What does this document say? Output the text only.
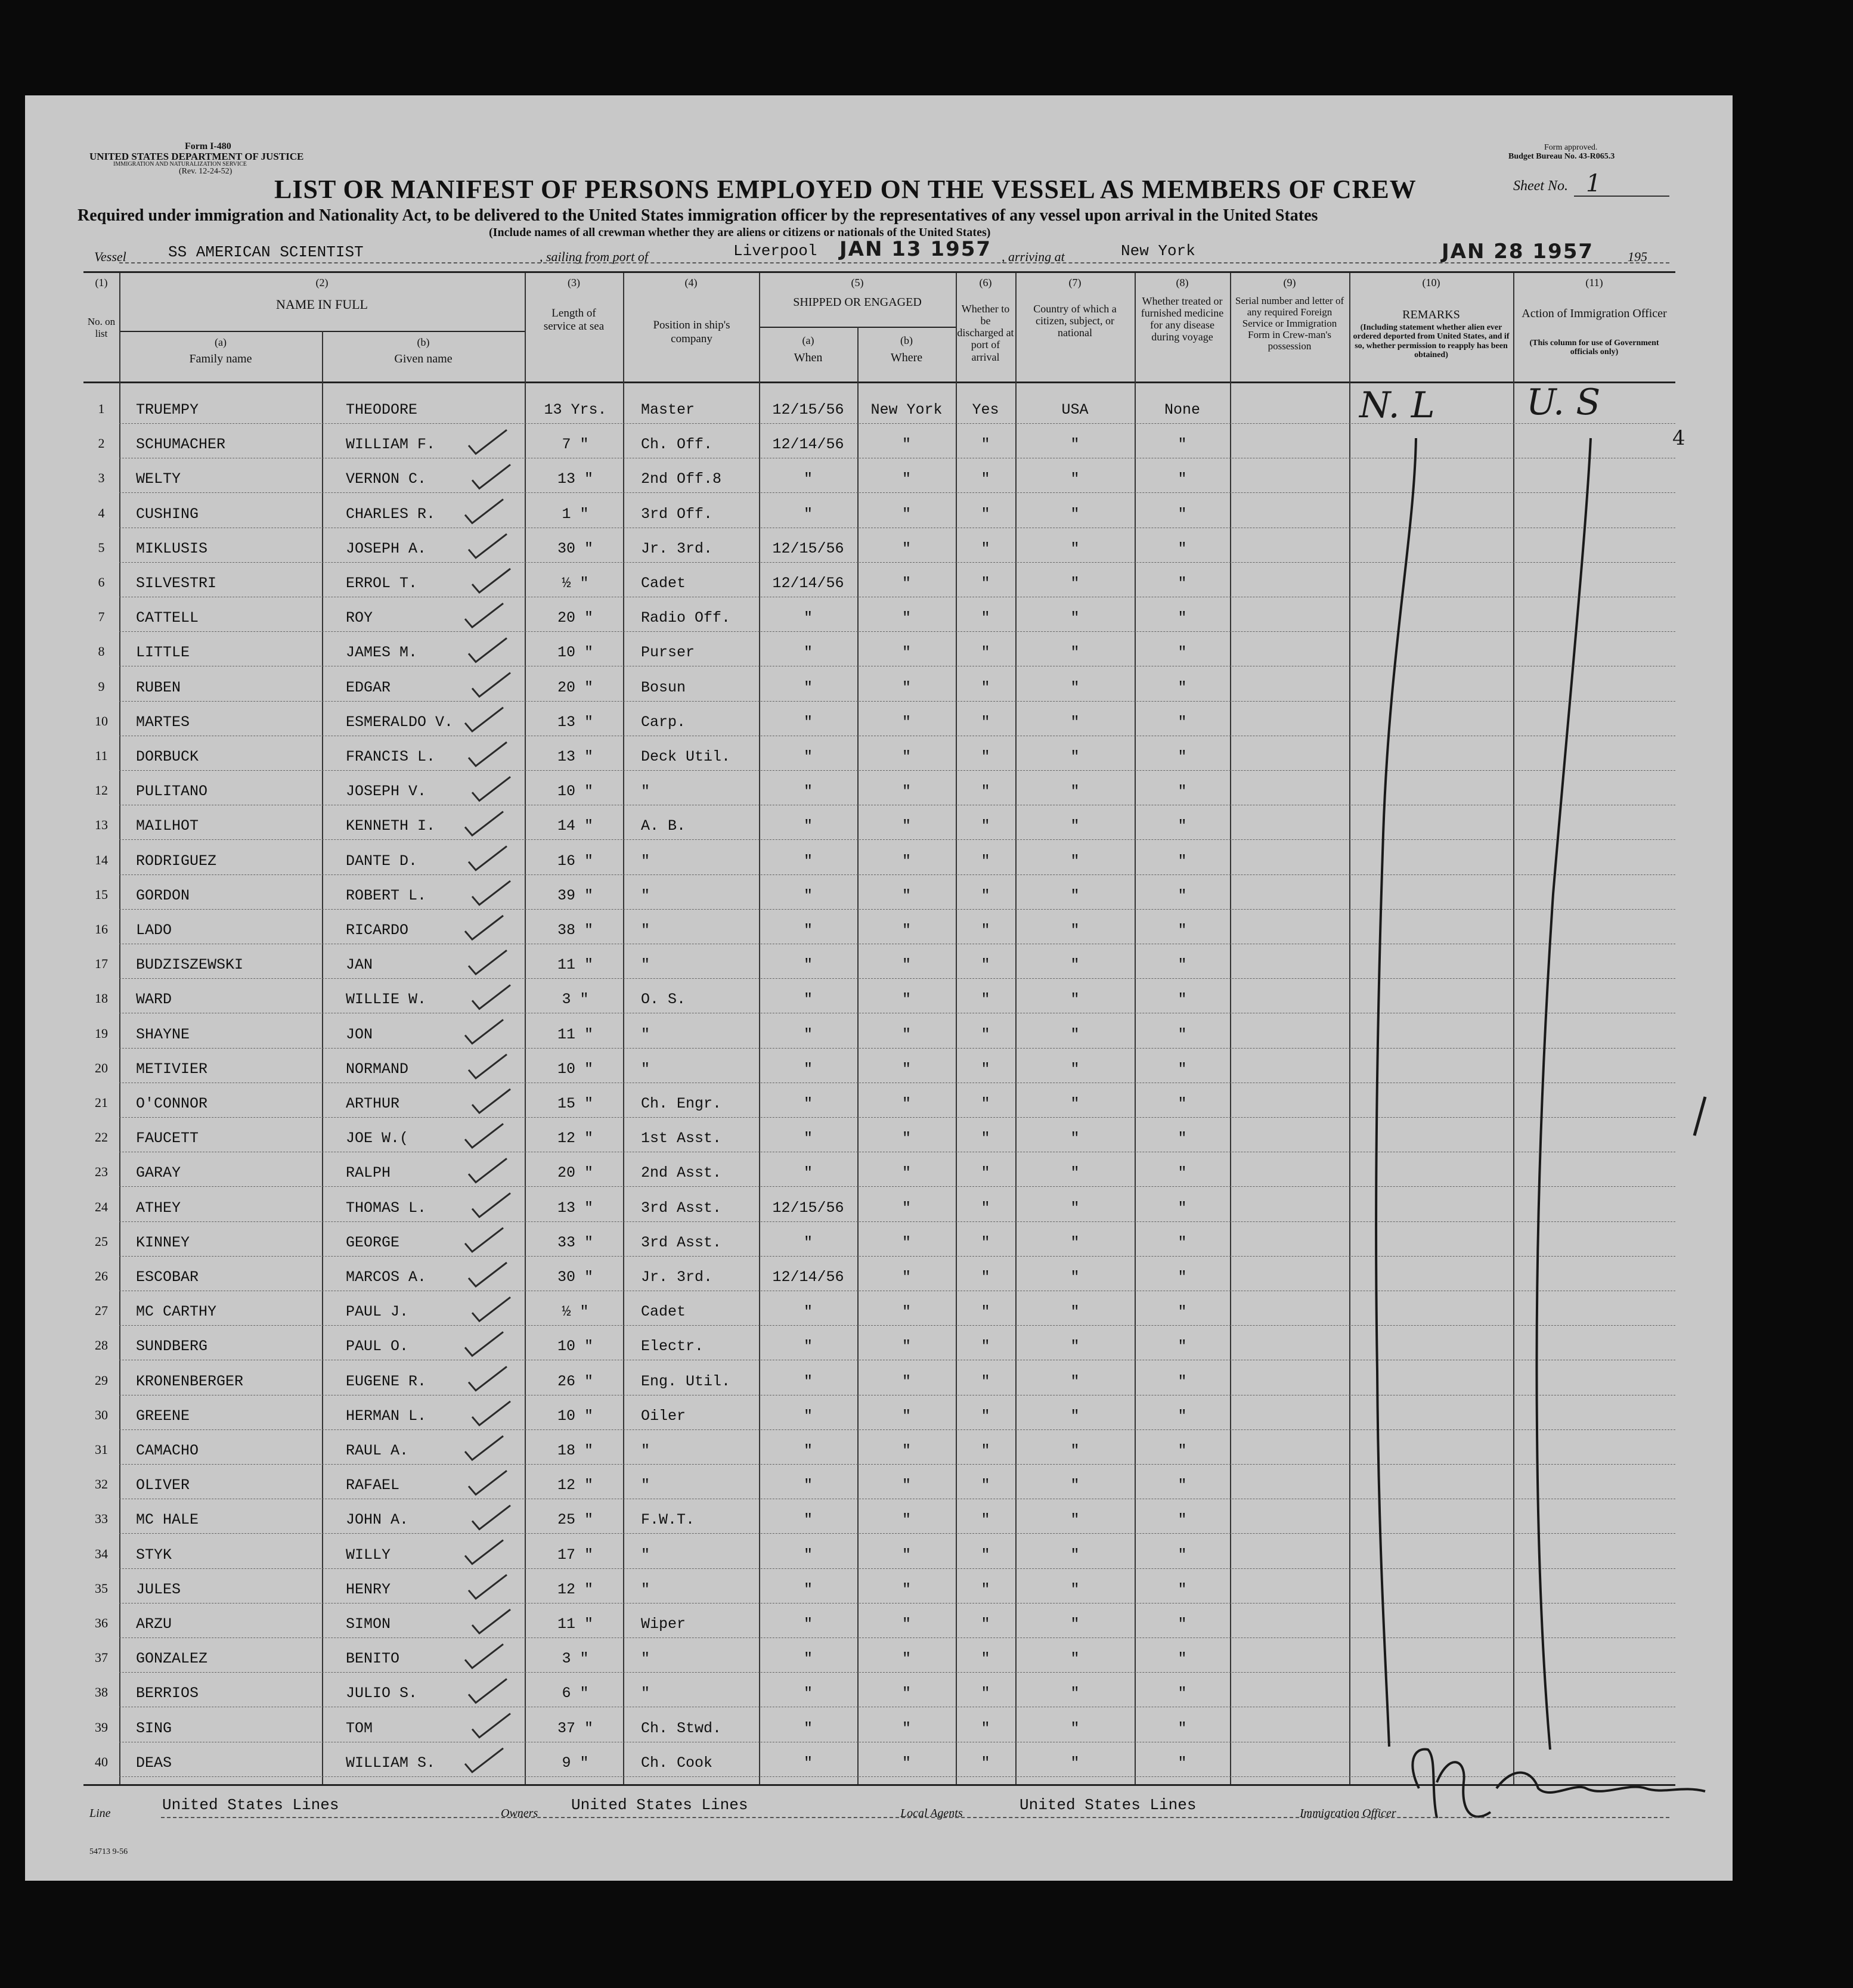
Form I-480
UNITED STATES DEPARTMENT OF JUSTICE
IMMIGRATION AND NATURALIZATION SERVICE
(Rev. 12-24-52)
Form approved.
Budget Bureau No. 43-R065.3
Sheet No. 1
LIST OR MANIFEST OF PERSONS EMPLOYED ON THE VESSEL AS MEMBERS OF CREW
Required under immigration and Nationality Act, to be delivered to the United States immigration officer by the representatives of any vessel upon arrival in the United States
(Include names of all crewman whether they are aliens or citizens or nationals of the United States)
Vessel	SS AMERICAN SCIENTIST	, sailing from port of	Liverpool JAN 13 1957 , arriving at	New York	JAN 28 1957	195
(1)
No. on list
(2)
NAME IN FULL
(a)
Family name
(b)
Given name
(3)
Length of service at sea
(4)
Position in ship's company
(5)
SHIPPED OR ENGAGED
(a)
When
(b)
Where
(6)
Whether to be discharged at port of arrival
(7)
Country of which a citizen, subject, or national
(8)
Whether treated or furnished medicine for any disease during voyage
(9)
Serial number and letter of any required Foreign Service or Immigration Form in Crew-man's possession
(10)
REMARKS
(Including statement whether alien ever ordered deported from United States, and if so, whether permission to reapply has been obtained)
(11)
Action of Immigration Officer
(This column for use of Government officials only)
1	TRUEMPY	THEODORE	13 Yrs.	Master	12/15/56	New York	Yes	USA	None
2	SCHUMACHER	WILLIAM F.	7 "	Ch. Off.	12/14/56	"	"	"	"
3	WELTY	VERNON C.	13 "	2nd Off.8	"	"	"	"	"
4	CUSHING	CHARLES R.	1 "	3rd Off.	"	"	"	"	"
5	MIKLUSIS	JOSEPH A.	30 "	Jr. 3rd.	12/15/56	"	"	"	"
6	SILVESTRI	ERROL T.	½ "	Cadet	12/14/56	"	"	"	"
7	CATTELL	ROY	20 "	Radio Off.	"	"	"	"	"
8	LITTLE	JAMES M.	10 "	Purser	"	"	"	"	"
9	RUBEN	EDGAR	20 "	Bosun	"	"	"	"	"
10	MARTES	ESMERALDO V.	13 "	Carp.	"	"	"	"	"
11	DORBUCK	FRANCIS L.	13 "	Deck Util.	"	"	"	"	"
12	PULITANO	JOSEPH V.	10 "	"	"	"	"	"	"
13	MAILHOT	KENNETH I.	14 "	A. B.	"	"	"	"	"
14	RODRIGUEZ	DANTE D.	16 "	"	"	"	"	"	"
15	GORDON	ROBERT L.	39 "	"	"	"	"	"	"
16	LADO	RICARDO	38 "	"	"	"	"	"	"
17	BUDZISZEWSKI	JAN	11 "	"	"	"	"	"	"
18	WARD	WILLIE W.	3 "	O. S.	"	"	"	"	"
19	SHAYNE	JON	11 "	"	"	"	"	"	"
20	METIVIER	NORMAND	10 "	"	"	"	"	"	"
21	O'CONNOR	ARTHUR	15 "	Ch. Engr.	"	"	"	"	"
22	FAUCETT	JOE W.(	12 "	1st Asst.	"	"	"	"	"
23	GARAY	RALPH	20 "	2nd Asst.	"	"	"	"	"
24	ATHEY	THOMAS L.	13 "	3rd Asst.	12/15/56	"	"	"	"
25	KINNEY	GEORGE	33 "	3rd Asst.	"	"	"	"	"
26	ESCOBAR	MARCOS A.	30 "	Jr. 3rd.	12/14/56	"	"	"	"
27	MC CARTHY	PAUL J.	½ "	Cadet	"	"	"	"	"
28	SUNDBERG	PAUL O.	10 "	Electr.	"	"	"	"	"
29	KRONENBERGER	EUGENE R.	26 "	Eng. Util.	"	"	"	"	"
30	GREENE	HERMAN L.	10 "	Oiler	"	"	"	"	"
31	CAMACHO	RAUL A.	18 "	"	"	"	"	"	"
32	OLIVER	RAFAEL	12 "	"	"	"	"	"	"
33	MC HALE	JOHN A.	25 "	F.W.T.	"	"	"	"	"
34	STYK	WILLY	17 "	"	"	"	"	"	"
35	JULES	HENRY	12 "	"	"	"	"	"	"
36	ARZU	SIMON	11 "	Wiper	"	"	"	"	"
37	GONZALEZ	BENITO	3 "	"	"	"	"	"	"
38	BERRIOS	JULIO S.	6 "	"	"	"	"	"	"
39	SING	TOM	37 "	Ch. Stwd.	"	"	"	"	"
40	DEAS	WILLIAM S.	9 "	Ch. Cook	"	"	"	"	"
N. L	U. S
4
Line	United States Lines	Owners United States Lines	Local Agents	United States Lines	Immigration Officer
54713 9-56
